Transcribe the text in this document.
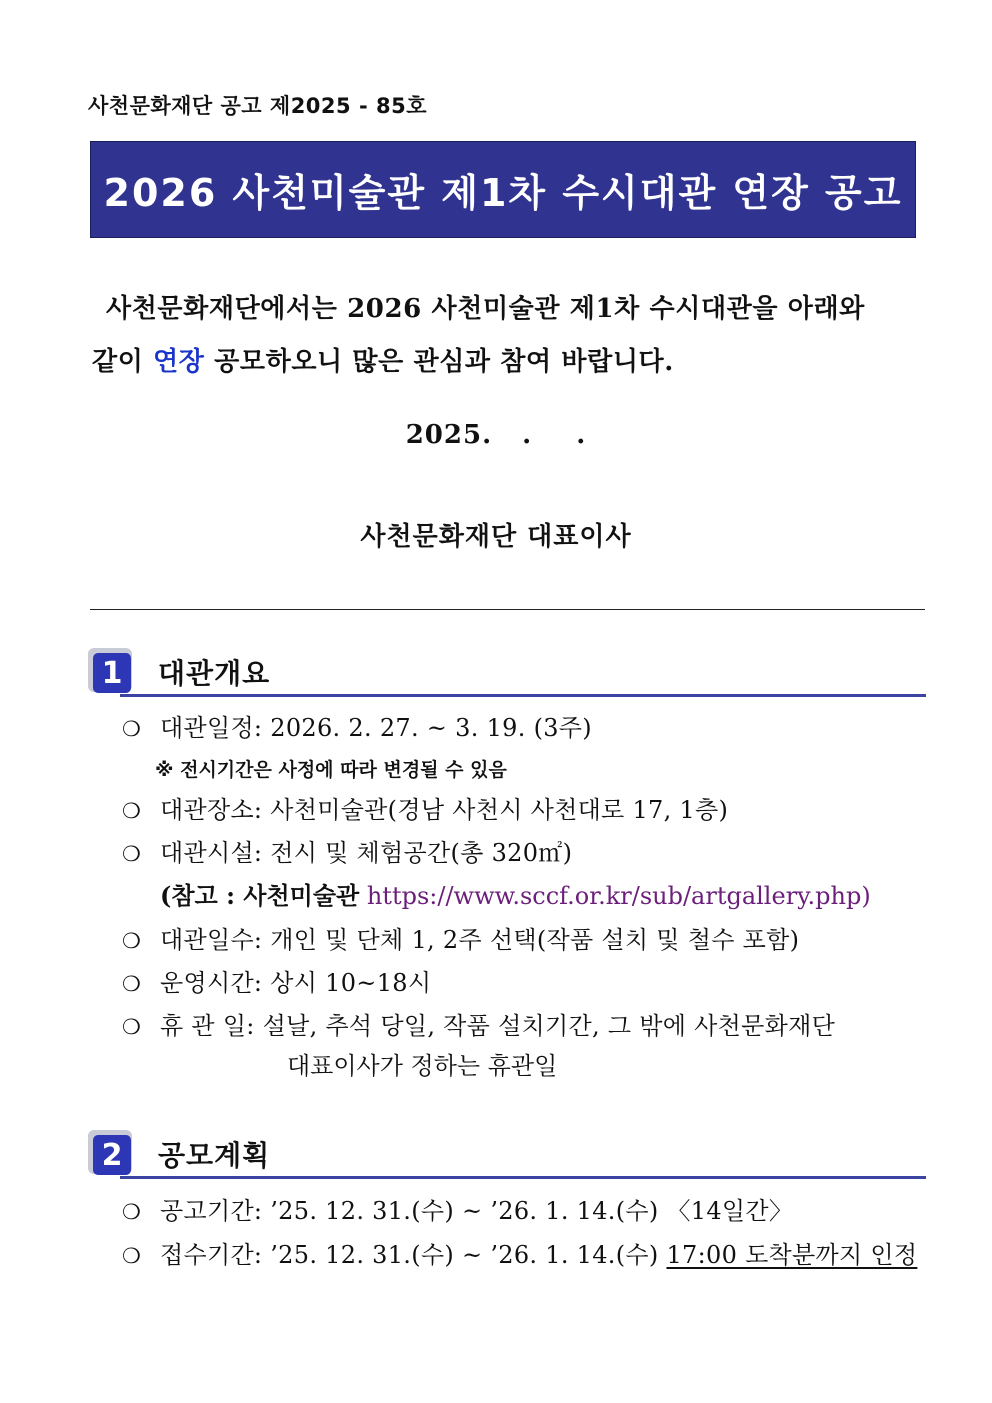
사천문화재단 공고 제2025 - 85호
2026 사천미술관 제1차 수시대관 연장 공고
사천문화재단에서는 2026 사천미술관 제1차 수시대관을 아래와
같이 연장 공모하오니 많은 관심과 참여 바랍니다.
2025. . .
사천문화재단 대표이사
1	대관개요
❍ 대관일정: 2026. 2. 27. ~ 3. 19. (3주)
※ 전시기간은 사정에 따라 변경될 수 있음
❍ 대관장소: 사천미술관(경남 사천시 사천대로 17, 1층)
❍ 대관시설: 전시 및 체험공간(총 320㎡)
(참고 : 사천미술관 https://www.sccf.or.kr/sub/artgallery.php)
❍ 대관일수: 개인 및 단체 1, 2주 선택(작품 설치 및 철수 포함)
❍ 운영시간: 상시 10~18시
❍ 휴 관 일: 설날, 추석 당일, 작품 설치기간, 그 밖에 사천문화재단
대표이사가 정하는 휴관일
2	공모계획
❍ 공고기간: ’25. 12. 31.(수) ~ ’26. 1. 14.(수) 〈14일간〉
❍ 접수기간: ’25. 12. 31.(수) ~ ’26. 1. 14.(수) 17:00 도착분까지 인정
